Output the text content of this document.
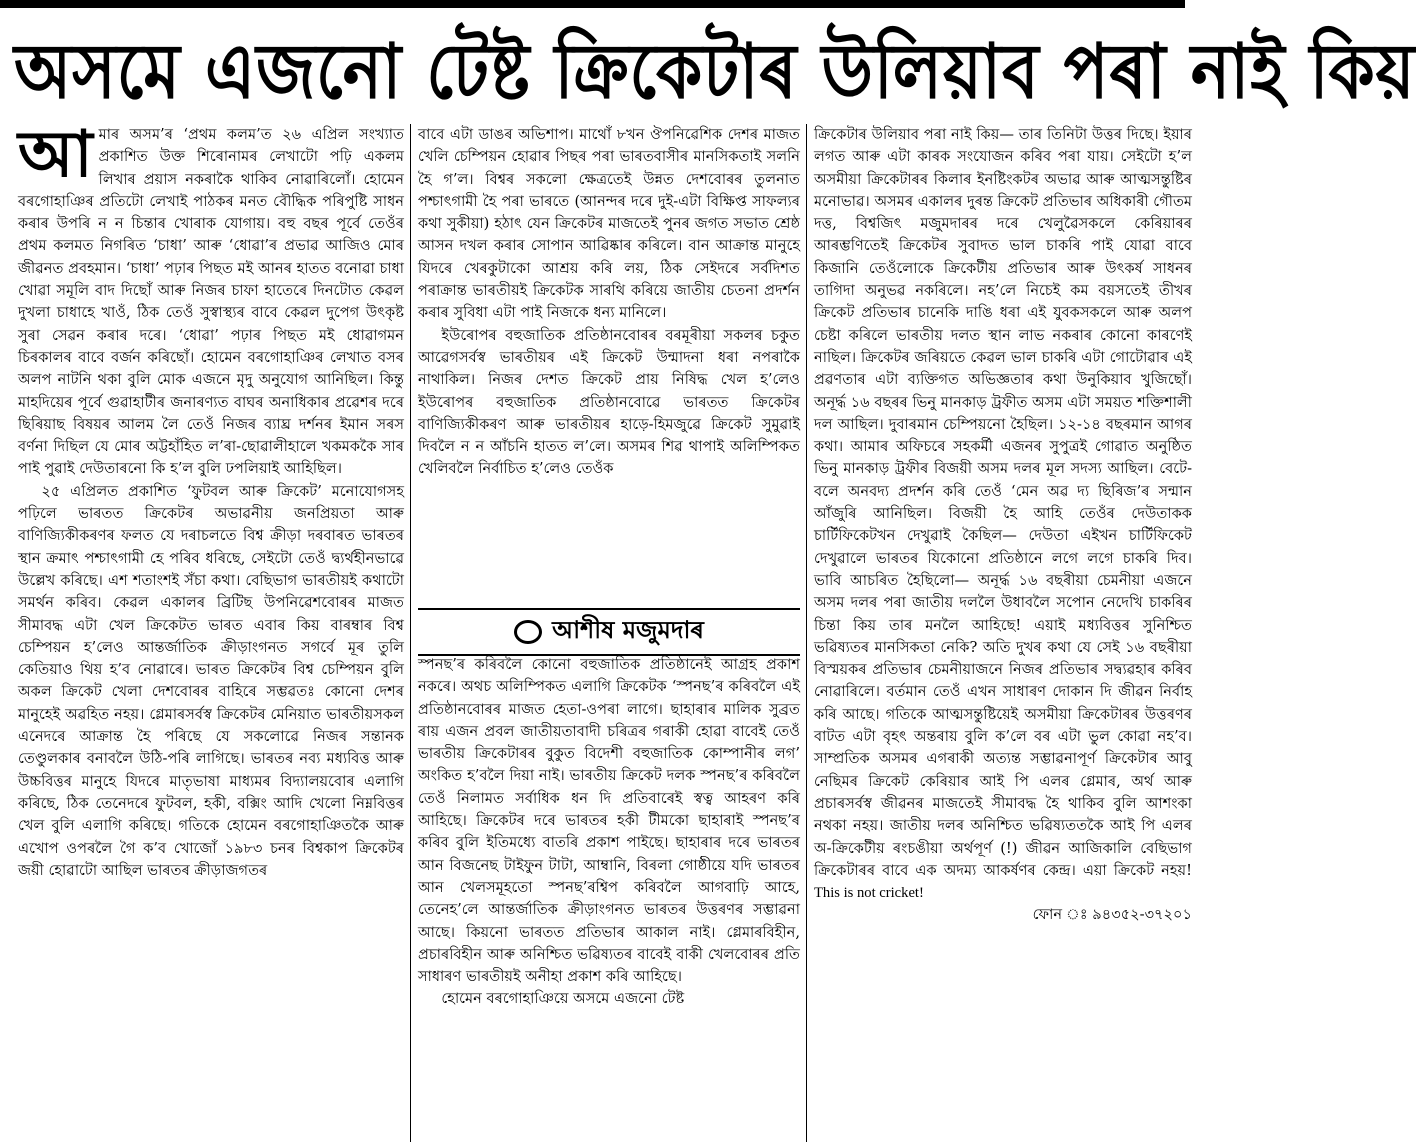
অসমে এজনো টেষ্ট ক্ৰিকেটাৰ উলিয়াব পৰা নাই কিয়
আ মাৰ অসম’ৰ ‘প্ৰথম কলম’ত ২৬ এপ্ৰিল সংখ্যাত প্ৰকাশিত উক্ত শিৰোনামৰ লেখাটো পঢ়ি একলম লিখাৰ প্ৰয়াস নকৰাকৈ থাকিব নোৱাৰিলোঁ। হোমেন বৰগোহাঞিৰ প্ৰতিটো লেখাই পাঠকৰ মনত বৌদ্ধিক পৰিপুষ্টি সাধন কৰাৰ উপৰি ন ন চিন্তাৰ খোৰাক যোগায়। বহু বছৰ পূৰ্বে তেওঁৰ প্ৰথম কলমত নিগৰিত ‘চাধা’ আৰু ‘ধোৱা’ৰ প্ৰভাৱ আজিও মোৰ জীৱনত প্ৰবহমান। ‘চাধা’ পঢ়াৰ পিছত মই আনৰ হাতত বনোৱা চাধা খোৱা সমূলি বাদ দিছোঁ আৰু নিজৰ চাফা হাতেৰে দিনটোত কেৱল দুখলা চাধাহে খাওঁ, ঠিক তেওঁ সুস্বাস্থ্যৰ বাবে কেৱল দুপেগ উৎকৃষ্ট সুৰা সেৱন কৰাৰ দৰে। ‘ধোৱা’ পঢ়াৰ পিছত মই ধোৱাগমন চিৰকালৰ বাবে বৰ্জন কৰিছোঁ। হোমেন বৰগোহাঞিৰ লেখাত বসৰ অলপ নাটনি থকা বুলি মোক এজনে মৃদু অনুযোগ আনিছিল। কিন্তু মাহদিয়েৰ পূৰ্বে গুৱাহাটীৰ জনাৰণ্যত বাঘৰ অনাধিকাৰ প্ৰৱেশৰ দৰে ছিৰিয়াছ বিষয়ৰ আলম লৈ তেওঁ নিজৰ ব্যাঘ্ৰ দৰ্শনৰ ইমান সৰস বৰ্ণনা দিছিল যে মোৰ অট্টহাঁহিত ল’ৰা-ছোৱালীহালে খকমককৈ সাৰ পাই পুৱাই দেউতাৰনো কি হ’ল বুলি ঢপলিয়াই আহিছিল।

২৫ এপ্ৰিলত প্ৰকাশিত ‘ফুটবল আৰু ক্ৰিকেট’ মনোযোগসহ পঢ়িলে ভাৰতত ক্ৰিকেটৰ অভাৱনীয় জনপ্ৰিয়তা আৰু বাণিজ্যিকীকৰণৰ ফলত যে দৰাচলতে বিশ্ব ক্ৰীড়া দৰবাৰত ভাৰতৰ স্থান ক্ৰমাৎ পশ্চাৎগামী হে পৰিব ধৰিছে, সেইটো তেওঁ দ্ব্যৰ্থহীনভাৱে উল্লেখ কৰিছে। এশ শতাংশই সঁচা কথা। বেছিভাগ ভাৰতীয়ই কথাটো সমৰ্থন কৰিব। কেৱল একালৰ ব্ৰিটিছ উপনিৱেশবোৰৰ মাজত সীমাবদ্ধ এটা খেল ক্ৰিকেটত ভাৰত এবাৰ কিয় বাৰম্বাৰ বিশ্ব চেম্পিয়ন হ’লেও আন্তৰ্জাতিক ক্ৰীড়াংগনত সগৰ্বে মূৰ তুলি কেতিয়াও থিয় হ’ব নোৱাৰে। ভাৰত ক্ৰিকেটৰ বিশ্ব চেম্পিয়ন বুলি অকল ক্ৰিকেট খেলা দেশবোৰৰ বাহিৰে সম্ভৱতঃ কোনো দেশৰ মানুহেই অৱহিত নহয়। গ্লেমাৰসৰ্বস্ব ক্ৰিকেটৰ মেনিয়াত ভাৰতীয়সকল এনেদৰে আক্ৰান্ত হৈ পৰিছে যে সকলোৱে নিজৰ সন্তানক তেণ্ডুলকাৰ বনাবলৈ উঠি-পৰি লাগিছে। ভাৰতৰ নব্য মধ্যবিত্ত আৰু উচ্চবিত্তৰ মানুহে যিদৰে মাতৃভাষা মাধ্যমৰ বিদ্যালয়বোৰ এলাগি কৰিছে, ঠিক তেনেদৰে ফুটবল, হকী, বক্সিং আদি খেলো নিম্নবিত্তৰ খেল বুলি এলাগি কৰিছে। গতিকে হোমেন বৰগোহাঞিতকৈ আৰু এখোপ ওপৰলৈ গৈ ক’ব খোজোঁ ১৯৮৩ চনৰ বিশ্বকাপ ক্ৰিকেটৰ জয়ী হোৱাটো আছিল ভাৰতৰ ক্ৰীড়াজগতৰ

বাবে এটা ডাঙৰ অভিশাপ। মাথোঁ ৮খন ঔপনিৱেশিক দেশৰ মাজত খেলি চেম্পিয়ন হোৱাৰ পিছৰ পৰা ভাৰতবাসীৰ মানসিকতাই সলনি হৈ গ’ল। বিশ্বৰ সকলো ক্ষেত্ৰতেই উন্নত দেশবোৰৰ তুলনাত পশ্চাৎগামী হৈ পৰা ভাৰতে (আনন্দৰ দৰে দুই-এটা বিক্ষিপ্ত সাফল্যৰ কথা সুকীয়া) হঠাৎ যেন ক্ৰিকেটৰ মাজতেই পুনৰ জগত সভাত শ্ৰেষ্ঠ আসন দখল কৰাৰ সোপান আৱিষ্কাৰ কৰিলে। বান আক্ৰান্ত মানুহে যিদৰে খেৰকুটাকো আশ্ৰয় কৰি লয়, ঠিক সেইদৰে সৰ্বদিশত পৰাক্ৰান্ত ভাৰতীয়ই ক্ৰিকেটক সাৰথি কৰিয়ে জাতীয় চেতনা প্ৰদৰ্শন কৰাৰ সুবিধা এটা পাই নিজকে ধন্য মানিলে।

ইউৰোপৰ বহুজাতিক প্ৰতিষ্ঠানবোৰৰ বৰমূৰীয়া সকলৰ চকুত আৱেগসৰ্বস্ব ভাৰতীয়ৰ এই ক্ৰিকেট উন্মাদনা ধৰা নপৰাকৈ নাথাকিল। নিজৰ দেশত ক্ৰিকেট প্ৰায় নিষিদ্ধ খেল হ’লেও ইউৰোপৰ বহুজাতিক প্ৰতিষ্ঠানবোৱে ভাৰতত ক্ৰিকেটৰ বাণিজ্যিকীকৰণ আৰু ভাৰতীয়ৰ হাড়ে-হিমজুৱে ক্ৰিকেট সুমুৱাই দিবলৈ ন ন আঁচনি হাতত ল’লে। অসমৰ শিৱ থাপাই অলিম্পিকত খেলিবলৈ নিৰ্বাচিত হ’লেও তেওঁক

আশীষ মজুমদাৰ

স্পনছ’ৰ কৰিবলৈ কোনো বহুজাতিক প্ৰতিষ্ঠানেই আগ্ৰহ প্ৰকাশ নকৰে। অথচ অলিম্পিকত এলাগি ক্ৰিকেটক ‘স্পনছ’ৰ কৰিবলৈ এই প্ৰতিষ্ঠানবোৰৰ মাজত হেতা-ওপৰা লাগে। ছাহাৰাৰ মালিক সুব্ৰত ৰায় এজন প্ৰবল জাতীয়তাবাদী চৰিত্ৰৰ গৰাকী হোৱা বাবেই তেওঁ ভাৰতীয় ক্ৰিকেটাৰৰ বুকুত বিদেশী বহুজাতিক কোম্পানীৰ লগ’ অংকিত হ’বলৈ দিয়া নাই। ভাৰতীয় ক্ৰিকেট দলক স্পনছ’ৰ কৰিবলৈ তেওঁ নিলামত সৰ্বাধিক ধন দি প্ৰতিবাৰেই স্বত্ব আহৰণ কৰি আহিছে। ক্ৰিকেটৰ দৰে ভাৰতৰ হকী টীমকো ছাহাৰাই স্পনছ’ৰ কৰিব বুলি ইতিমধ্যে বাতৰি প্ৰকাশ পাইছে। ছাহাৰাৰ দৰে ভাৰতৰ আন বিজনেছ টাইফুন টাটা, আম্বানি, বিৰলা গোষ্ঠীয়ে যদি ভাৰতৰ আন খেলসমূহতো স্পনছ’ৰশ্বিপ কৰিবলৈ আগবাঢ়ি আহে, তেনেহ’লে আন্তৰ্জাতিক ক্ৰীড়াংগনত ভাৰতৰ উত্তৰণৰ সম্ভাৱনা আছে। কিয়নো ভাৰতত প্ৰতিভাৰ আকাল নাই। গ্লেমাৰবিহীন, প্ৰচাৰবিহীন আৰু অনিশ্চিত ভৱিষ্যতৰ বাবেই বাকী খেলবোৰৰ প্ৰতি সাধাৰণ ভাৰতীয়ই অনীহা প্ৰকাশ কৰি আহিছে।

হোমেন বৰগোহাঞিয়ে অসমে এজনো টেষ্ট

ক্ৰিকেটাৰ উলিয়াব পৰা নাই কিয়— তাৰ তিনিটা উত্তৰ দিছে। ইয়াৰ লগত আৰু এটা কাৰক সংযোজন কৰিব পৰা যায়। সেইটো হ’ল অসমীয়া ক্ৰিকেটাৰৰ কিলাৰ ইনষ্টিংকটৰ অভাৱ আৰু আত্মসন্তুষ্টিৰ মনোভাৱ। অসমৰ একালৰ দুৰন্ত ক্ৰিকেট প্ৰতিভাৰ অধিকাৰী গৌতম দত্ত, বিশ্বজিৎ মজুমদাৰৰ দৰে খেলুৱৈসকলে কেৰিয়াৰৰ আৰম্ভণিতেই ক্ৰিকেটৰ সুবাদত ভাল চাকৰি পাই যোৱা বাবে কিজানি তেওঁলোকে ক্ৰিকেটীয় প্ৰতিভাৰ আৰু উৎকৰ্ষ সাধনৰ তাগিদা অনুভৱ নকৰিলে। নহ’লে নিচেই কম বয়সতেই তীখৰ ক্ৰিকেট প্ৰতিভাৰ চানেকি দাঙি ধৰা এই যুবকসকলে আৰু অলপ চেষ্টা কৰিলে ভাৰতীয় দলত স্থান লাভ নকৰাৰ কোনো কাৰণেই নাছিল। ক্ৰিকেটৰ জৰিয়তে কেৱল ভাল চাকৰি এটা গোটোৱাৰ এই প্ৰৱণতাৰ এটা ব্যক্তিগত অভিজ্ঞতাৰ কথা উনুকিয়াব খুজিছোঁ। অনূৰ্দ্ধ ১৬ বছৰৰ ভিনু মানকাড় ট্ৰফীত অসম এটা সময়ত শক্তিশালী দল আছিল। দুবাৰমান চেম্পিয়নো হৈছিল। ১২-১৪ বছৰমান আগৰ কথা। আমাৰ অফিচৰে সহকৰ্মী এজনৰ সুপুত্ৰই গোৱাত অনুষ্ঠিত ভিনু মানকাড় ট্ৰফীৰ বিজয়ী অসম দলৰ মূল সদস্য আছিল। বেটে-বলে অনবদ্য প্ৰদৰ্শন কৰি তেওঁ ‘মেন অৱ দ্য ছিৰিজ’ৰ সন্মান আঁজুৰি আনিছিল। বিজয়ী হৈ আহি তেওঁৰ দেউতাকক চাৰ্টিফিকেটখন দেখুৱাই কৈছিল— দেউতা এইখন চাৰ্টিফিকেট দেখুৱালে ভাৰতৰ যিকোনো প্ৰতিষ্ঠানে লগে লগে চাকৰি দিব। ভাবি আচৰিত হৈছিলো— অনূৰ্দ্ধ ১৬ বছৰীয়া চেমনীয়া এজনে অসম দলৰ পৰা জাতীয় দললৈ উধাবলৈ সপোন নেদেখি চাকৰিৰ চিন্তা কিয় তাৰ মনলৈ আহিছে! এয়াই মধ্যবিত্তৰ সুনিশ্চিত ভৱিষ্যতৰ মানসিকতা নেকি? অতি দুখৰ কথা যে সেই ১৬ বছৰীয়া বিস্ময়কৰ প্ৰতিভাৰ চেমনীয়াজনে নিজৰ প্ৰতিভাৰ সদ্ব্যৱহাৰ কৰিব নোৱাৰিলে। বৰ্তমান তেওঁ এখন সাধাৰণ দোকান দি জীৱন নিৰ্বাহ কৰি আছে। গতিকে আত্মসন্তুষ্টিয়েই অসমীয়া ক্ৰিকেটাৰৰ উত্তৰণৰ বাটত এটা বৃহৎ অন্তৰায় বুলি ক’লে বৰ এটা ভুল কোৱা নহ’ব। সাম্প্ৰতিক অসমৰ এগৰাকী অত্যন্ত সম্ভাৱনাপূৰ্ণ ক্ৰিকেটাৰ আবু নেছিমৰ ক্ৰিকেট কেৰিয়াৰ আই পি এলৰ গ্লেমাৰ, অৰ্থ আৰু প্ৰচাৰসৰ্বস্ব জীৱনৰ মাজতেই সীমাবদ্ধ হৈ থাকিব বুলি আশংকা নথকা নহয়। জাতীয় দলৰ অনিশ্চিত ভৱিষ্যততকৈ আই পি এলৰ অ-ক্ৰিকেটীয় ৰংচঙীয়া অৰ্থপূৰ্ণ (!) জীৱন আজিকালি বেছিভাগ ক্ৰিকেটাৰৰ বাবে এক অদম্য আকৰ্ষণৰ কেন্দ্ৰ। এয়া ক্ৰিকেট নহয়! This is not cricket!

ফোন ঃ ৯৪৩৫২-৩৭২০১
